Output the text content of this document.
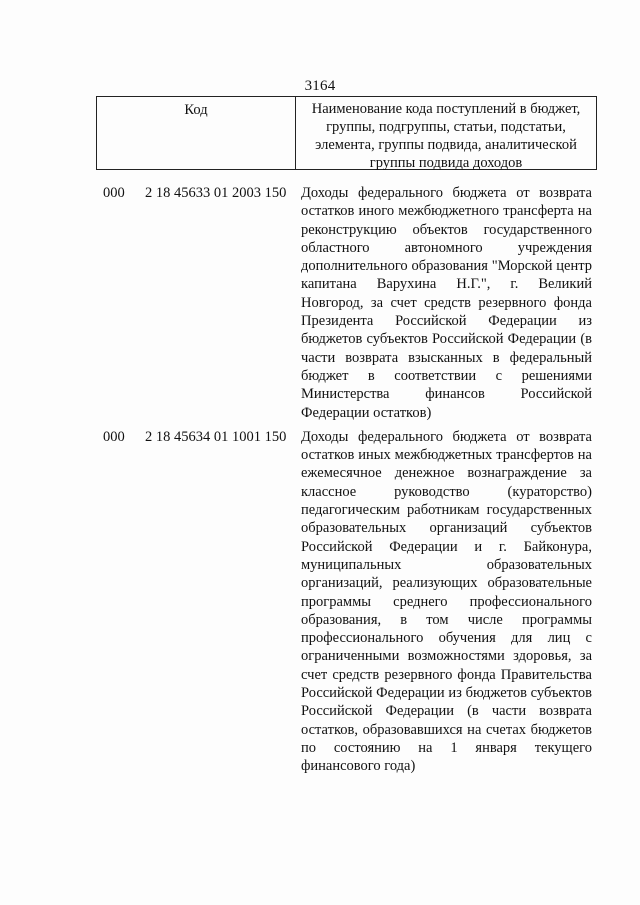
3164
Код	Наименование кода поступлений в бюджет, группы, подгруппы, статьи, подстатьи, элемента, группы подвида, аналитической группы подвида доходов
000	2 18 45633 01 2003 150	Доходы федерального бюджета от возврата остатков иного межбюджетного трансферта на реконструкцию объектов государственного областного автономного учреждения дополнительного образования "Морской центр капитана Варухина Н.Г.", г. Великий Новгород, за счет средств резервного фонда Президента Российской Федерации из бюджетов субъектов Российской Федерации (в части возврата взысканных в федеральный бюджет в соответствии с решениями Министерства финансов Российской Федерации остатков)
000	2 18 45634 01 1001 150	Доходы федерального бюджета от возврата остатков иных межбюджетных трансфертов на ежемесячное денежное вознаграждение за классное руководство (кураторство) педагогическим работникам государственных образовательных организаций субъектов Российской Федерации и г. Байконура, муниципальных образовательных организаций, реализующих образовательные программы среднего профессионального образования, в том числе программы профессионального обучения для лиц с ограниченными возможностями здоровья, за счет средств резервного фонда Правительства Российской Федерации из бюджетов субъектов Российской Федерации (в части возврата остатков, образовавшихся на счетах бюджетов по состоянию на 1 января текущего финансового года)
